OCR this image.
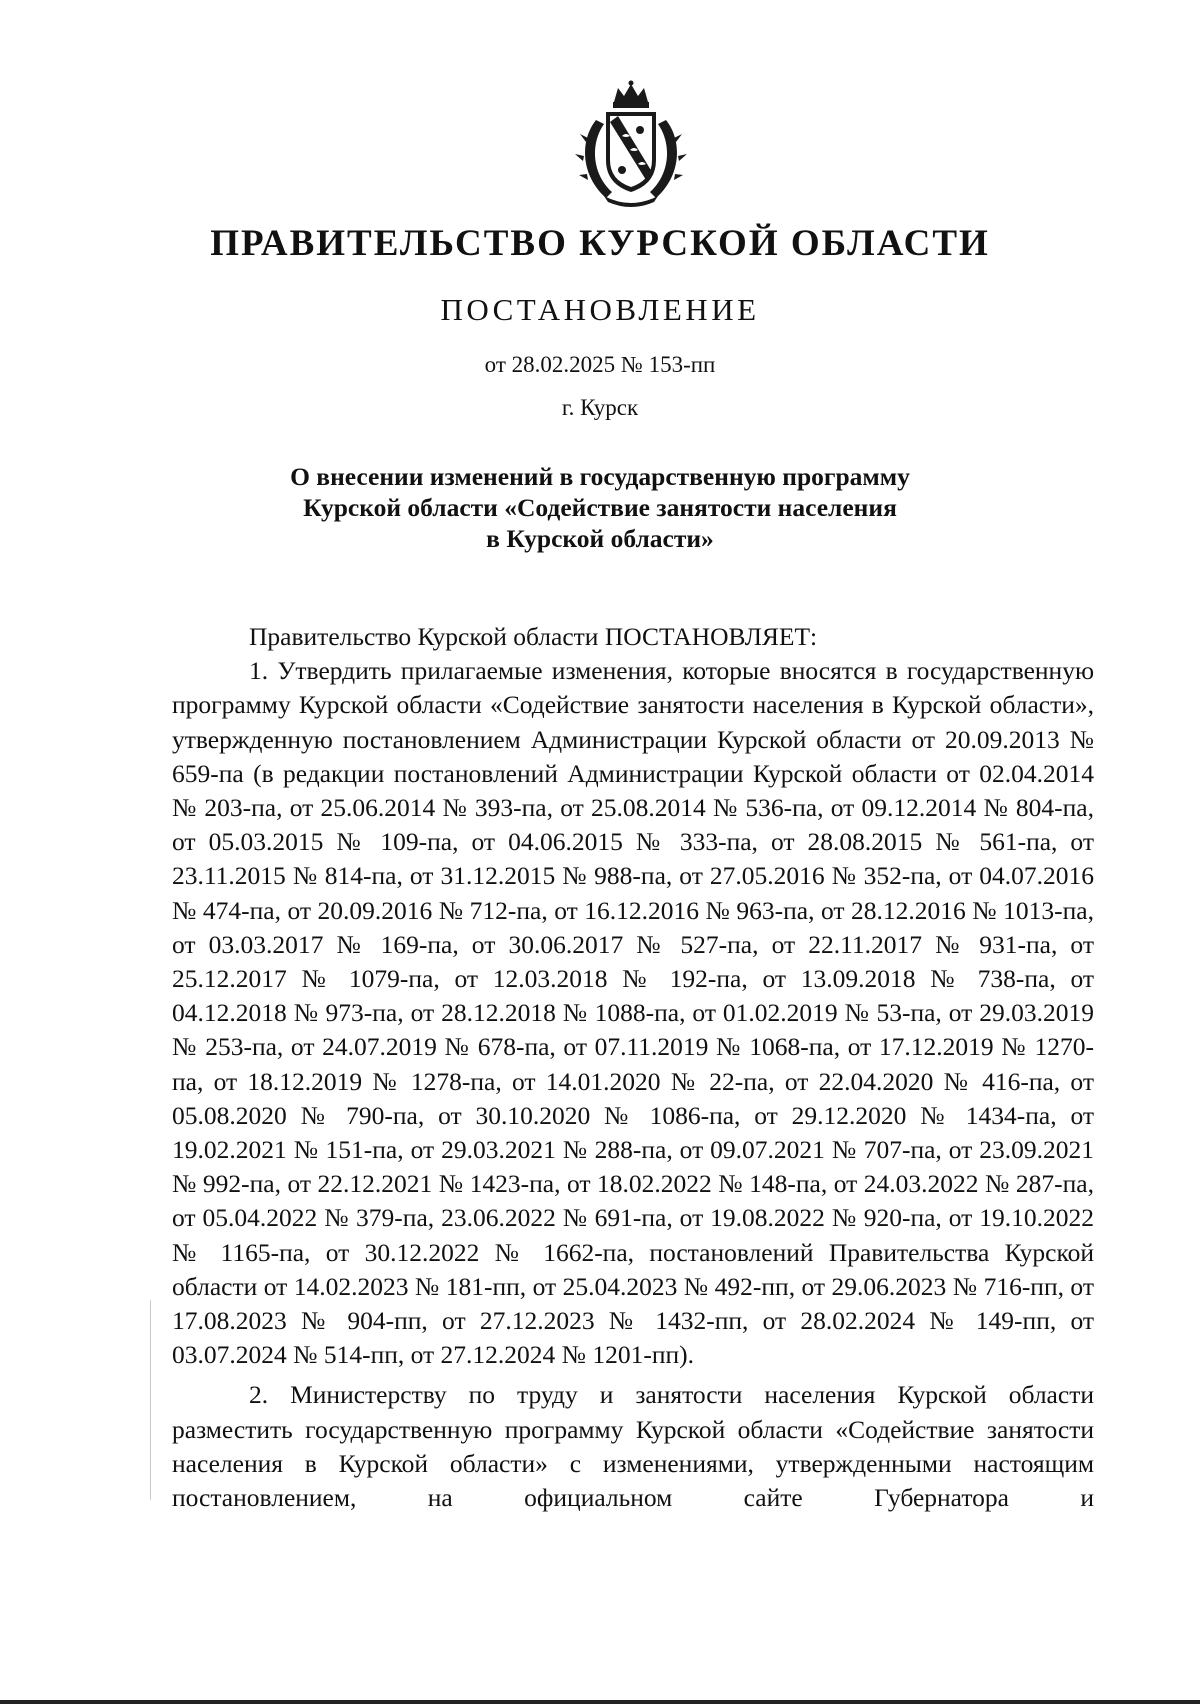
ПРАВИТЕЛЬСТВО КУРСКОЙ ОБЛАСТИ
ПОСТАНОВЛЕНИЕ
от 28.02.2025 № 153-пп
г. Курск
О внесении изменений в государственную программу
Курской области «Содействие занятости населения
в Курской области»

Правительство Курской области ПОСТАНОВЛЯЕТ:

1. Утвердить прилагаемые изменения, которые вносятся в государственную программу Курской области «Содействие занятости населения в Курской области», утвержденную постановлением Администрации Курской области от 20.09.2013 № 659-па (в редакции постановлений Администрации Курской области от 02.04.2014 № 203-па, от 25.06.2014 № 393-па, от 25.08.2014 № 536-па, от 09.12.2014 № 804-па, от 05.03.2015 № 109-па, от 04.06.2015 № 333-па, от 28.08.2015 № 561-па, от 23.11.2015 № 814-па, от 31.12.2015 № 988-па, от 27.05.2016 № 352-па, от 04.07.2016 № 474-па, от 20.09.2016 № 712-па, от 16.12.2016 № 963-па, от 28.12.2016 № 1013-па, от 03.03.2017 № 169-па, от 30.06.2017 № 527-па, от 22.11.2017 № 931-па, от 25.12.2017 № 1079-па, от 12.03.2018 № 192-па, от 13.09.2018 № 738-па, от 04.12.2018 № 973-па, от 28.12.2018 № 1088-па, от 01.02.2019 № 53-па, от 29.03.2019 № 253-па, от 24.07.2019 № 678-па, от 07.11.2019 № 1068-па, от 17.12.2019 № 1270-па, от 18.12.2019 № 1278-па, от 14.01.2020 № 22-па, от 22.04.2020 № 416-па, от 05.08.2020 № 790-па, от 30.10.2020 № 1086-па, от 29.12.2020 № 1434-па, от 19.02.2021 № 151-па, от 29.03.2021 № 288-па, от 09.07.2021 № 707-па, от 23.09.2021 № 992-па, от 22.12.2021 № 1423-па, от 18.02.2022 № 148-па, от 24.03.2022 № 287-па, от 05.04.2022 № 379-па, 23.06.2022 № 691-па, от 19.08.2022 № 920-па, от 19.10.2022 № 1165-па, от 30.12.2022 № 1662-па, постановлений Правительства Курской области от 14.02.2023 № 181-пп, от 25.04.2023 № 492-пп, от 29.06.2023 № 716-пп, от 17.08.2023 № 904-пп, от 27.12.2023 № 1432-пп, от 28.02.2024 № 149-пп, от 03.07.2024 № 514-пп, от 27.12.2024 № 1201-пп).

2. Министерству по труду и занятости населения Курской области разместить государственную программу Курской области «Содействие занятости населения в Курской области» с изменениями, утвержденными настоящим постановлением, на официальном сайте Губернатора и
